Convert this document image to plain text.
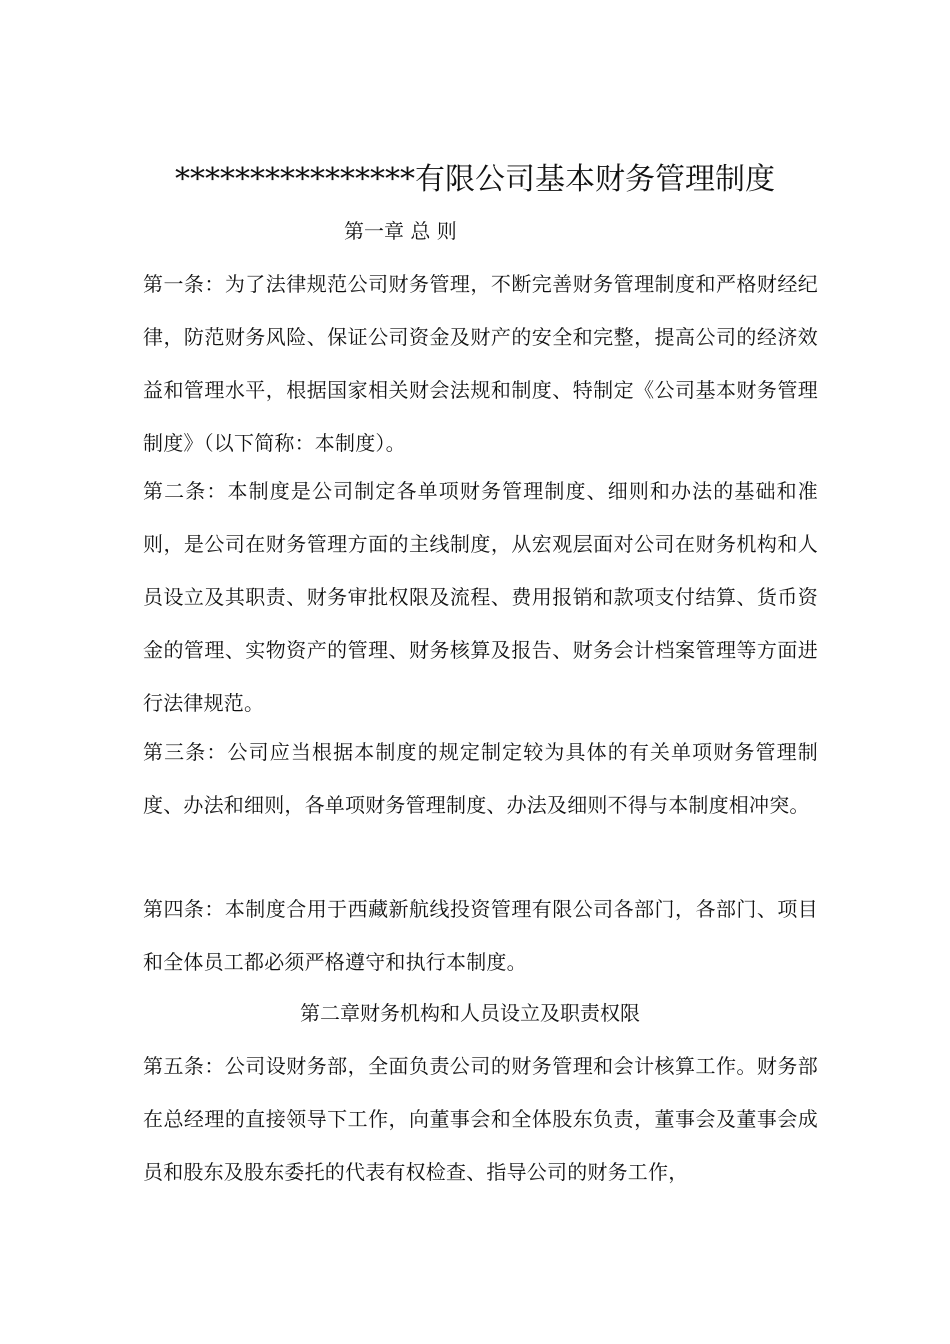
****************有限公司基本财务管理制度
第一章 总 则

第一条：为了法律规范公司财务管理，不断完善财务管理制度和严格财经纪律，防范财务风险、保证公司资金及财产的安全和完整，提高公司的经济效益和管理水平，根据国家相关财会法规和制度、特制定《公司基本财务管理制度》（以下简称：本制度）。

第二条：本制度是公司制定各单项财务管理制度、细则和办法的基础和准则，是公司在财务管理方面的主线制度，从宏观层面对公司在财务机构和人员设立及其职责、财务审批权限及流程、费用报销和款项支付结算、货币资金的管理、实物资产的管理、财务核算及报告、财务会计档案管理等方面进行法律规范。

第三条：公司应当根据本制度的规定制定较为具体的有关单项财务管理制度、办法和细则，各单项财务管理制度、办法及细则不得与本制度相冲突。

第四条：本制度合用于西藏新航线投资管理有限公司各部门，各部门、项目和全体员工都必须严格遵守和执行本制度。

第二章财务机构和人员设立及职责权限

第五条：公司设财务部，全面负责公司的财务管理和会计核算工作。财务部在总经理的直接领导下工作，向董事会和全体股东负责，董事会及董事会成员和股东及股东委托的代表有权检查、指导公司的财务工作，
